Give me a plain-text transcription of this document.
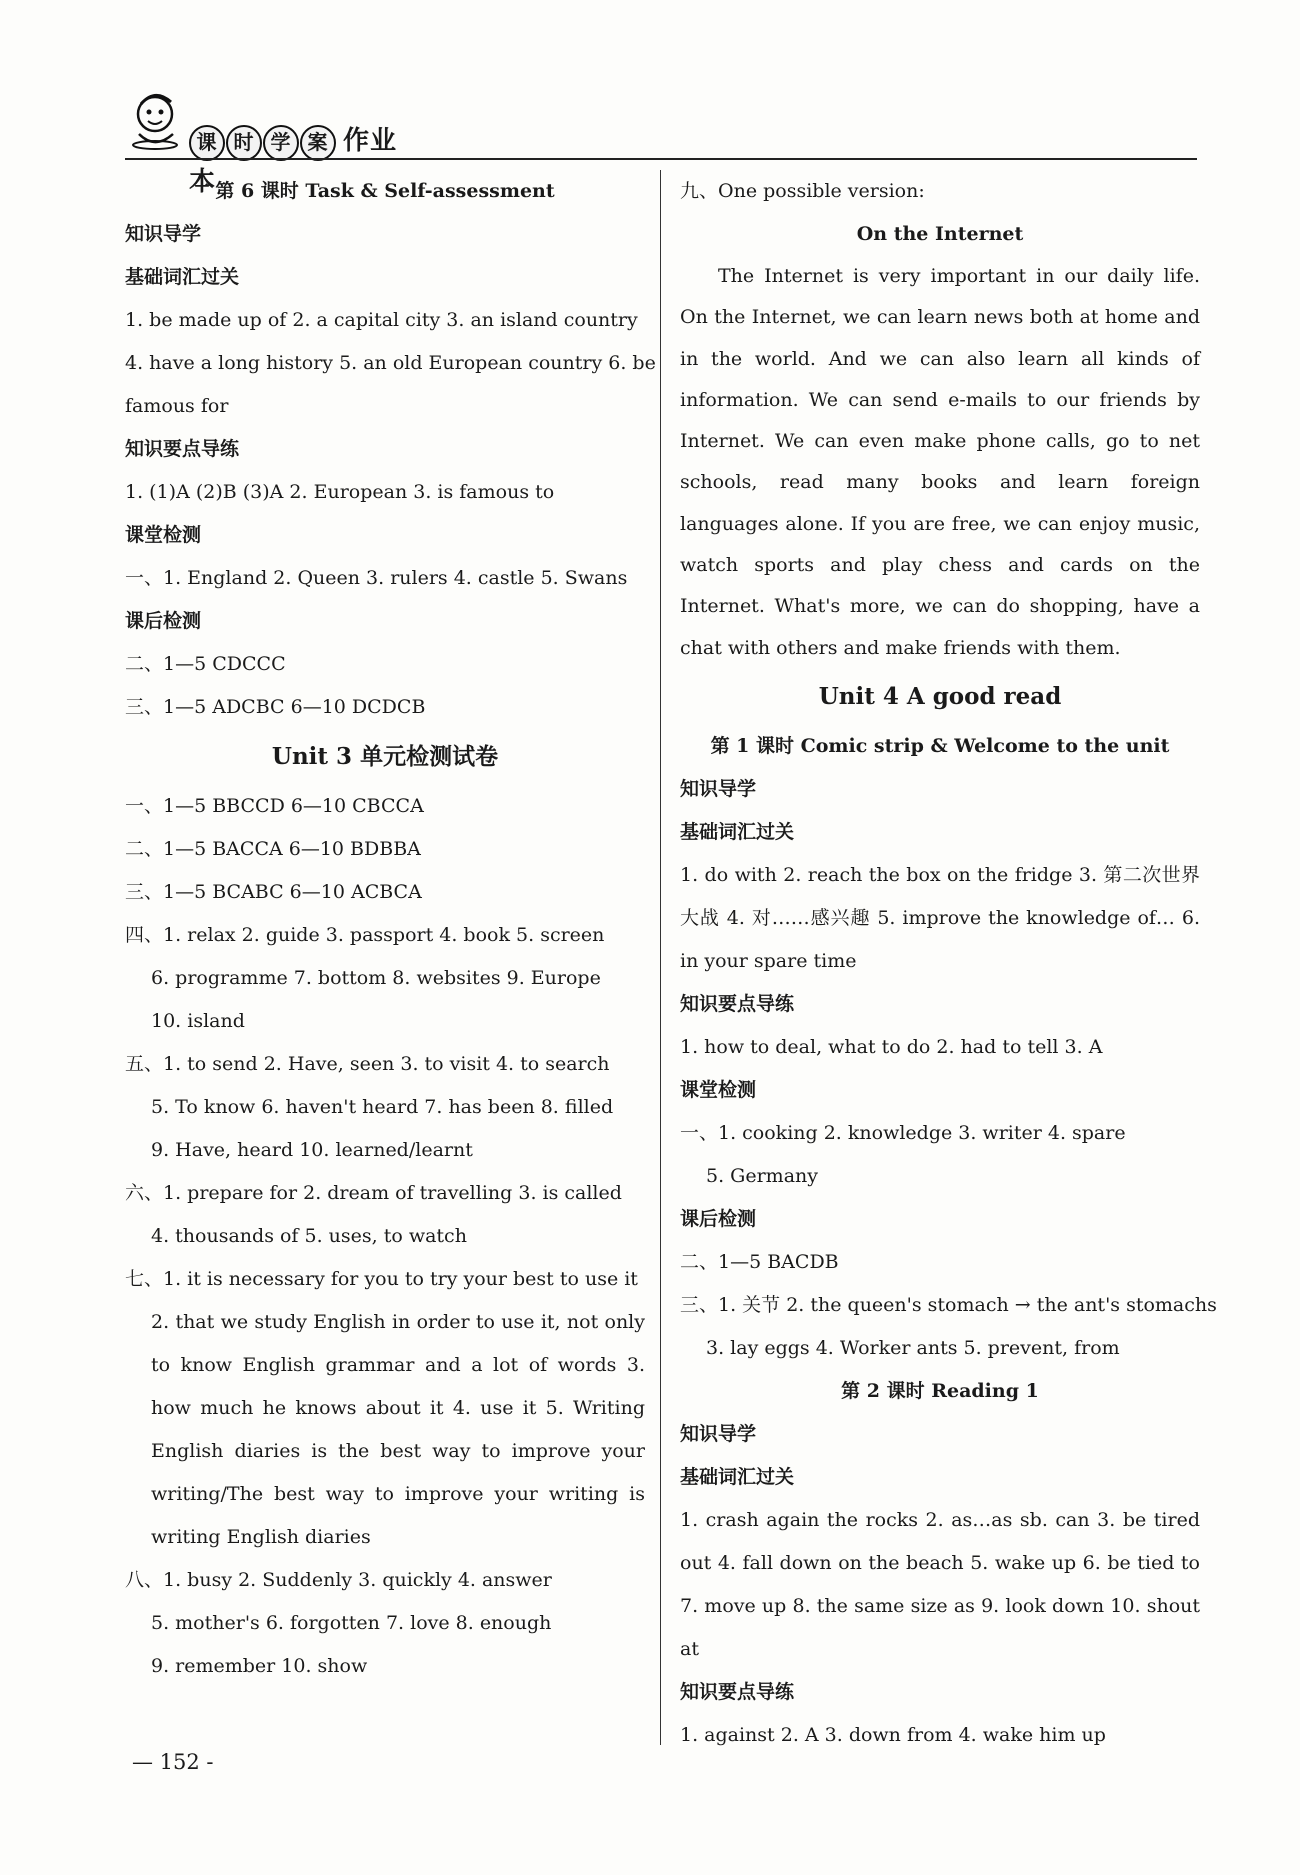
课 时 学 案 作业本 第 6 课时 Task & Self-assessment
知识导学
基础词汇过关
1. be made up of 2. a capital city 3. an island country
4. have a long history 5. an old European country 6. be
famous for
知识要点导练
1. (1)A (2)B (3)A 2. European 3. is famous to
课堂检测
一、1. England 2. Queen 3. rulers 4. castle 5. Swans
课后检测
二、1—5 CDCCC
三、1—5 ADCBC 6—10 DCDCB
Unit 3 单元检测试卷
一、1—5 BBCCD 6—10 CBCCA
二、1—5 BACCA 6—10 BDBBA
三、1—5 BCABC 6—10 ACBCA
四、1. relax 2. guide 3. passport 4. book 5. screen
6. programme 7. bottom 8. websites 9. Europe
10. island
五、1. to send 2. Have, seen 3. to visit 4. to search
5. To know 6. haven't heard 7. has been 8. filled
9. Have, heard 10. learned/learnt
六、1. prepare for 2. dream of travelling 3. is called
4. thousands of 5. uses, to watch
七、1. it is necessary for you to try your best to use it
2. that we study English in order to use it, not only to know English grammar and a lot of words 3. how much he knows about it 4. use it 5. Writing English diaries is the best way to improve your writing/The best way to improve your writing is writing English diaries
八、1. busy 2. Suddenly 3. quickly 4. answer
5. mother's 6. forgotten 7. love 8. enough
9. remember 10. show
九、One possible version:
On the Internet
The Internet is very important in our daily life. On the Internet, we can learn news both at home and in the world. And we can also learn all kinds of information. We can send e-mails to our friends by Internet. We can even make phone calls, go to net schools, read many books and learn foreign languages alone. If you are free, we can enjoy music, watch sports and play chess and cards on the Internet. What's more, we can do shopping, have a chat with others and make friends with them.
Unit 4 A good read
第 1 课时 Comic strip & Welcome to the unit
知识导学
基础词汇过关
1. do with 2. reach the box on the fridge 3. 第二次世界大战 4. 对……感兴趣 5. improve the knowledge of… 6. in your spare time
知识要点导练
1. how to deal, what to do 2. had to tell 3. A
课堂检测
一、1. cooking 2. knowledge 3. writer 4. spare
5. Germany
课后检测
二、1—5 BACDB
三、1. 关节 2. the queen's stomach → the ant's stomachs
3. lay eggs 4. Worker ants 5. prevent, from
第 2 课时 Reading 1
知识导学
基础词汇过关
1. crash again the rocks 2. as…as sb. can 3. be tired out 4. fall down on the beach 5. wake up 6. be tied to 7. move up 8. the same size as 9. look down 10. shout at
知识要点导练
1. against 2. A 3. down from 4. wake him up
— 152 -
